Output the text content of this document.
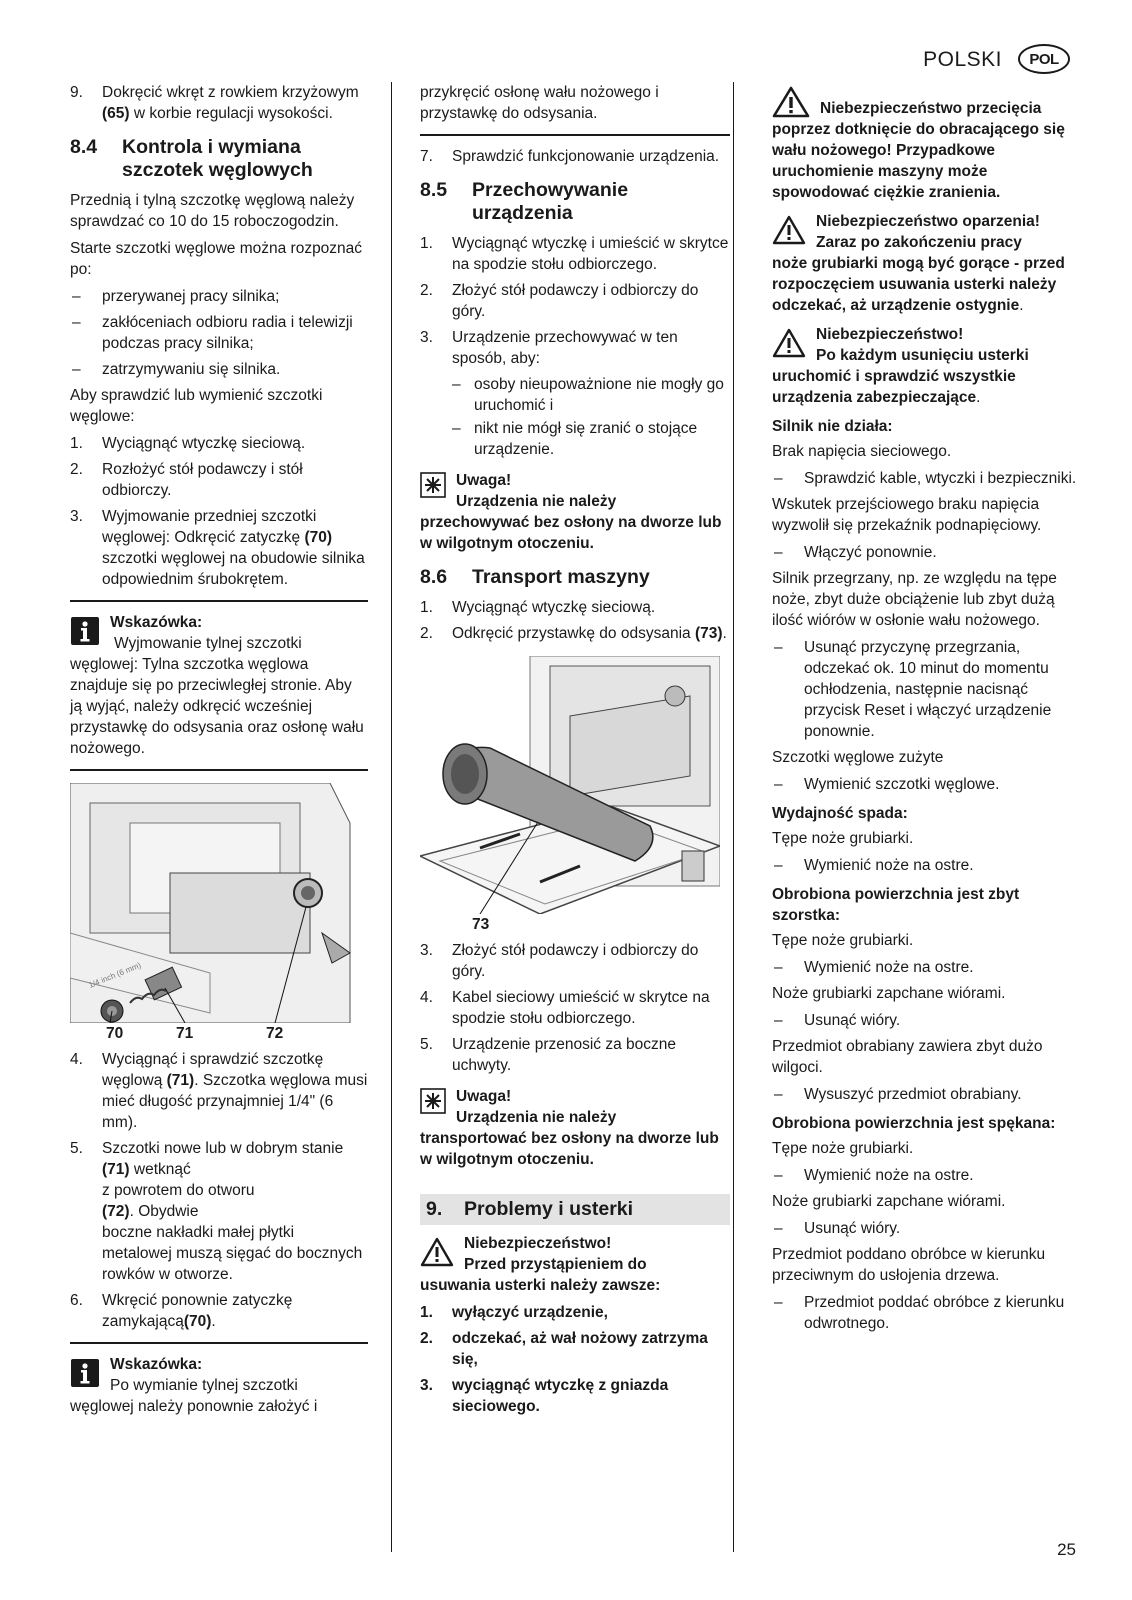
POLSKI	POL
9.	Dokręcić wkręt z rowkiem krzyżowym (65) w korbie regulacji wysokości.
8.4	Kontrola i wymiana szczotek węglowych

Przednią i tylną szczotkę węglową należy sprawdzać co 10 do 15 roboczogodzin.

Starte szczotki węglowe można rozpoznać po:

–	przerywanej pracy silnika;
–	zakłóceniach odbioru radia i telewizji podczas pracy silnika;
–	zatrzymywaniu się silnika.

Aby sprawdzić lub wymienić szczotki węglowe:

1.	Wyciągnąć wtyczkę sieciową.
2.	Rozłożyć stół podawczy i stół odbiorczy.
3.	Wyjmowanie przedniej szczotki węglowej: Odkręcić zatyczkę (70) szczotki węglowej na obudowie silnika odpowiednim śrubokrętem.
Wskazówka:
Wyjmowanie tylnej szczotki
węglowej: Tylna szczotka węglowa znajduje się po przeciwległej stronie. Aby ją wyjąć, należy odkręcić wcześniej przystawkę do odsysania oraz osłonę wału nożowego.
1/4 inch (6 mm)
70	71	72
4.	Wyciągnąć i sprawdzić szczotkę węglową (71). Szczotka węglowa musi mieć długość przynajmniej 1/4" (6 mm).
5.	Szczotki nowe lub w dobrym stanie
(71) wetknąć
z powrotem do otworu
(72). Obydwie
boczne nakładki małej płytki metalowej muszą sięgać do bocznych
rowków w otworze.
6.	Wkręcić ponownie zatyczkę zamykającą(70).
Wskazówka:
Po wymianie tylnej szczotki
węglowej należy ponownie założyć i

przykręcić osłonę wału nożowego i przystawkę do odsysania.

7.	Sprawdzić funkcjonowanie urządzenia.
8.5	Przechowywanie urządzenia
1.	Wyciągnąć wtyczkę i umieścić w skrytce na spodzie stołu odbiorczego.
2.	Złożyć stół podawczy i odbiorczy do góry.
3.	Urządzenie przechowywać w ten sposób, aby:
– osoby nieupoważnione nie mogły go uruchomić i
– nikt nie mógł się zranić o stojące urządzenie.
Uwaga!
Urządzenia nie należy
przechowywać bez osłony na dworze lub w wilgotnym otoczeniu.
8.6	Transport maszyny
1.	Wyciągnąć wtyczkę sieciową.
2.	Odkręcić przystawkę do odsysania (73).
73
3.	Złożyć stół podawczy i odbiorczy do góry.
4.	Kabel sieciowy umieścić w skrytce na spodzie stołu odbiorczego.
5.	Urządzenie przenosić za boczne uchwyty.
Uwaga!
Urządzenia nie należy
transportować bez osłony na dworze lub w wilgotnym otoczeniu.
9.	Problemy i usterki
Niebezpieczeństwo!
Przed przystąpieniem do
usuwania usterki należy zawsze:
1.	wyłączyć urządzenie,
2.	odczekać, aż wał nożowy zatrzyma się,
3.	wyciągnąć wtyczkę z gniazda sieciowego.
Niebezpieczeństwo przecięcia
poprzez dotknięcie do obracającego się wału nożowego! Przypadkowe uruchomienie maszyny może spowodować ciężkie zranienia.
Niebezpieczeństwo oparzenia!
Zaraz po zakończeniu pracy
noże grubiarki mogą być gorące - przed rozpoczęciem usuwania usterki należy odczekać, aż urządzenie ostygnie.
Niebezpieczeństwo!
Po każdym usunięciu usterki
uruchomić i sprawdzić wszystkie urządzenia zabezpieczające.
Silnik nie działa:

Brak napięcia sieciowego.

–	Sprawdzić kable, wtyczki i bezpieczniki.

Wskutek przejściowego braku napięcia wyzwolił się przekaźnik podnapięciowy.

–	Włączyć ponownie.

Silnik przegrzany, np. ze względu na tępe noże, zbyt duże obciążenie lub zbyt dużą ilość wiórów w osłonie wału nożowego.

–	Usunąć przyczynę przegrzania, odczekać ok. 10 minut do momentu ochłodzenia, następnie nacisnąć przycisk Reset i włączyć urządzenie ponownie.

Szczotki węglowe zużyte

–	Wymienić szczotki węglowe.
Wydajność spada:

Tępe noże grubiarki.

–	Wymienić noże na ostre.
Obrobiona powierzchnia jest zbyt szorstka:

Tępe noże grubiarki.

–	Wymienić noże na ostre.

Noże grubiarki zapchane wiórami.

–	Usunąć wióry.

Przedmiot obrabiany zawiera zbyt dużo wilgoci.

–	Wysuszyć przedmiot obrabiany.
Obrobiona powierzchnia jest spękana:

Tępe noże grubiarki.

–	Wymienić noże na ostre.

Noże grubiarki zapchane wiórami.

–	Usunąć wióry.

Przedmiot poddano obróbce w kierunku przeciwnym do usłojenia drzewa.

–	Przedmiot poddać obróbce z kierunku odwrotnego.
25
